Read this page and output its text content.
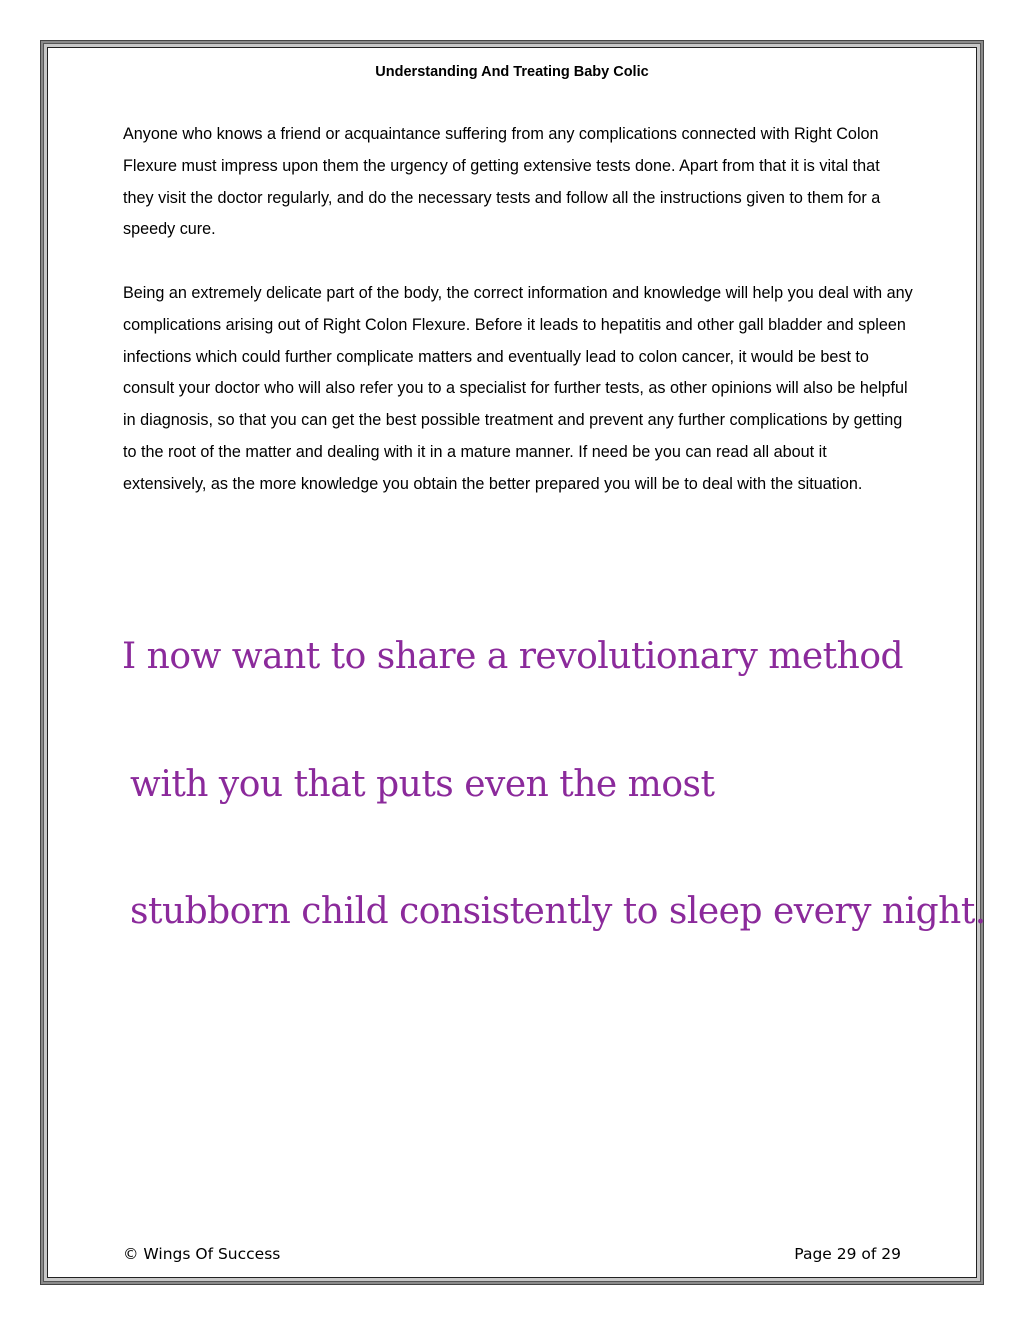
Understanding And Treating Baby Colic

Anyone who knows a friend or acquaintance suffering from any complications connected with Right Colon Flexure must impress upon them the urgency of getting extensive tests done. Apart from that it is vital that they visit the doctor regularly, and do the necessary tests and follow all the instructions given to them for a speedy cure.

Being an extremely delicate part of the body, the correct information and knowledge will help you deal with any complications arising out of Right Colon Flexure. Before it leads to hepatitis and other gall bladder and spleen infections which could further complicate matters and eventually lead to colon cancer, it would be best to consult your doctor who will also refer you to a specialist for further tests, as other opinions will also be helpful in diagnosis, so that you can get the best possible treatment and prevent any further complications by getting to the root of the matter and dealing with it in a mature manner. If need be you can read all about it extensively, as the more knowledge you obtain the better prepared you will be to deal with the situation.

I now want to share a revolutionary method

with you that puts even the most

stubborn child consistently to sleep every night.

© Wings Of Success	Page 29 of 29
